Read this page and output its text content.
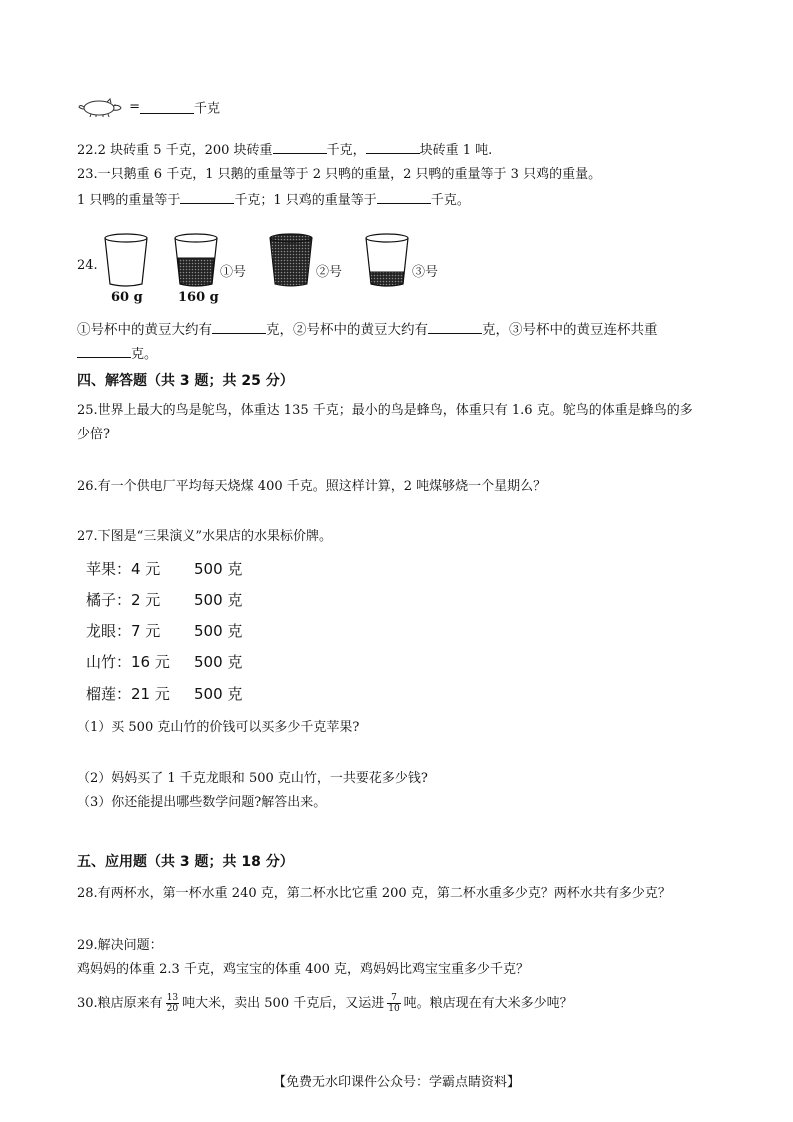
=	千克
22.2 块砖重 5 千克，200 块砖重	千克，	块砖重 1 吨.
23.一只鹅重 6 千克，1 只鹅的重量等于 2 只鸭的重量，2 只鸭的重量等于 3 只鸡的重量。
1 只鸭的重量等于	千克；1 只鸡的重量等于	千克。
24.
60 g	160 g
①号	②号	③号
①号杯中的黄豆大约有	克，②号杯中的黄豆大约有	克，③号杯中的黄豆连杯共重
克。
四、解答题（共 3 题；共 25 分）
25.世界上最大的鸟是鸵鸟，体重达 135 千克；最小的鸟是蜂鸟，体重只有 1.6 克。鸵鸟的体重是蜂鸟的多
少倍?
26.有一个供电厂平均每天烧煤 400 千克。照这样计算，2 吨煤够烧一个星期么？
27.下图是“三果演义”水果店的水果标价牌。
苹果：4 元 500 克
橘子：2 元 500 克
龙眼：7 元 500 克
山竹：16 元 500 克
榴莲：21 元 500 克
（1）买 500 克山竹的价钱可以买多少千克苹果?
（2）妈妈买了 1 千克龙眼和 500 克山竹，一共要花多少钱?
（3）你还能提出哪些数学问题?解答出来。
五、应用题（共 3 题；共 18 分）
28.有两杯水，第一杯水重 240 克，第二杯水比它重 200 克，第二杯水重多少克？两杯水共有多少克？
29.解决问题：
鸡妈妈的体重 2.3 千克，鸡宝宝的体重 400 克，鸡妈妈比鸡宝宝重多少千克？
30.粮店原来有 $\frac{13}{20}$ 吨大米，卖出 500 千克后，又运进 $\frac{7}{10}$ 吨。粮店现在有大米多少吨？
【免费无水印课件公众号：学霸点睛资料】
